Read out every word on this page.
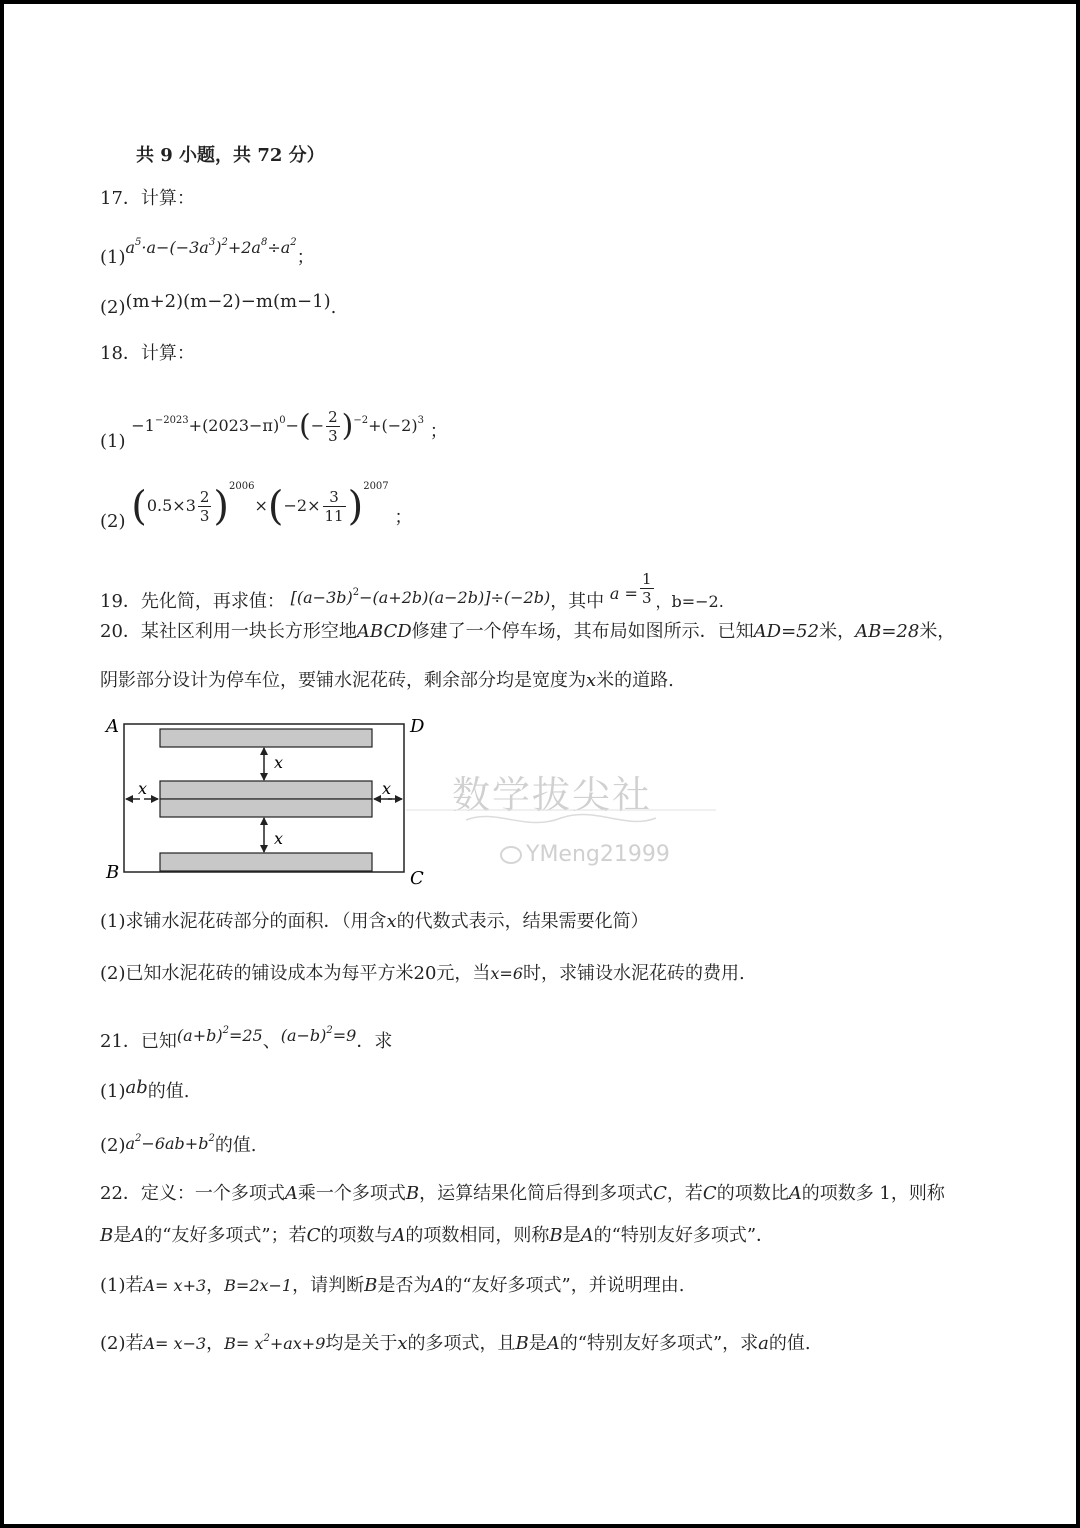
共 9 小题，共 72 分）
17．计算：
$(1)a^5\cdot a-(-3a^3)^2+2a^8\div a^2$；
(2)(m+2)(m−2)−m(m−1).
18．计算：
$(1) -1^{-2023}+(2023-\pi)^0-(- \frac{2}{3} )^{-2}+(-2)^3$ ；
(2) $(0.5\times 3 \frac{2}{3} )^{2006}\times(-2\times \frac{3}{11} )^{2007}$ ；
19．先化简，再求值： $[(a-3b)^2-(a+2b)(a-2b)]\div(-2b)$，其中 $a = \frac{1}{3}$ ，b=−2.
20．某社区利用一块长方形空地ABCD修建了一个停车场，其布局如图所示．已知AD=52米，AB=28米，
阴影部分设计为停车位，要铺水泥花砖，剩余部分均是宽度为x米的道路.
A	D
B	C
x
x
x	x 数学拔尖社
YMeng21999
(1)求铺水泥花砖部分的面积．（用含x的代数式表示，结果需要化简）
(2)已知水泥花砖的铺设成本为每平方米20元，当x=6时，求铺设水泥花砖的费用.
21．已知$(a+b)^2=25$、$(a-b)^2=9$．求
(1)ab的值.
$(2)a^2-6ab+b^2$的值.
22．定义：一个多项式A乘一个多项式B，运算结果化简后得到多项式C，若C的项数比A的项数多 1，则称
B是A的“友好多项式”；若C的项数与A的项数相同，则称B是A的“特别友好多项式”．
(1)若A= x+3，B=2x−1，请判断B是否为A的“友好多项式”，并说明理由.
(2)若A= x−3，$B= x^2+ax+9$均是关于x的多项式，且B是A的“特别友好多项式”，求a的值.
